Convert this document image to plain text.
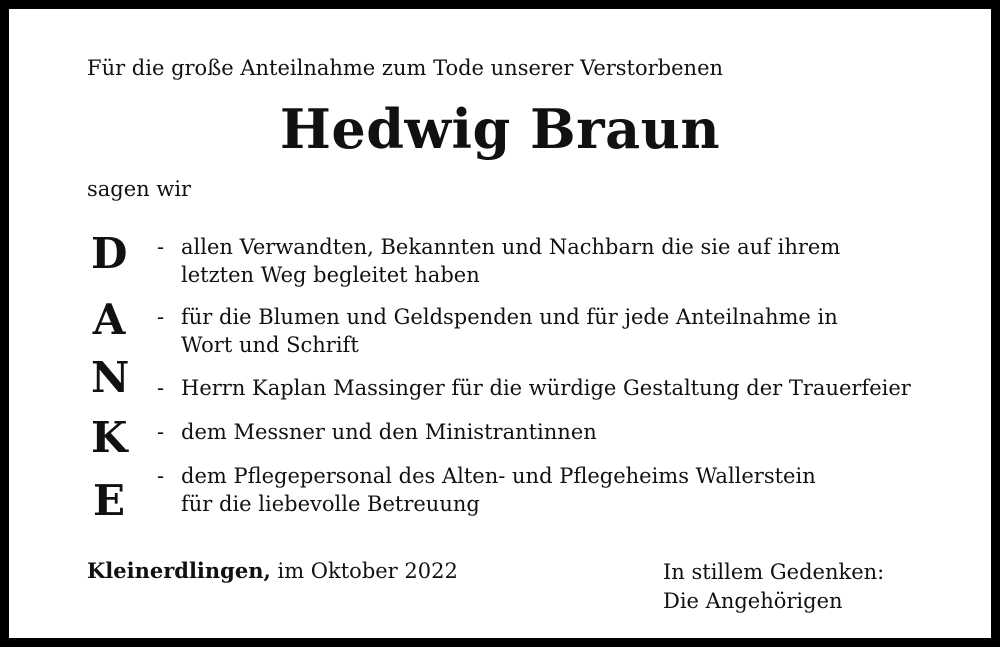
Für die große Anteilnahme zum Tode unserer Verstorbenen
Hedwig Braun
sagen wir
D
A
N
K
E
- allen Verwandten, Bekannten und Nachbarn die sie auf ihrem letzten Weg begleitet haben
- für die Blumen und Geldspenden und für jede Anteilnahme in Wort und Schrift
- Herrn Kaplan Massinger für die würdige Gestaltung der Trauerfeier
- dem Messner und den Ministrantinnen
- dem Pflegepersonal des Alten- und Pflegeheims Wallerstein für die liebevolle Betreuung
Kleinerdlingen, im Oktober 2022	In stillem Gedenken:
Die Angehörigen
